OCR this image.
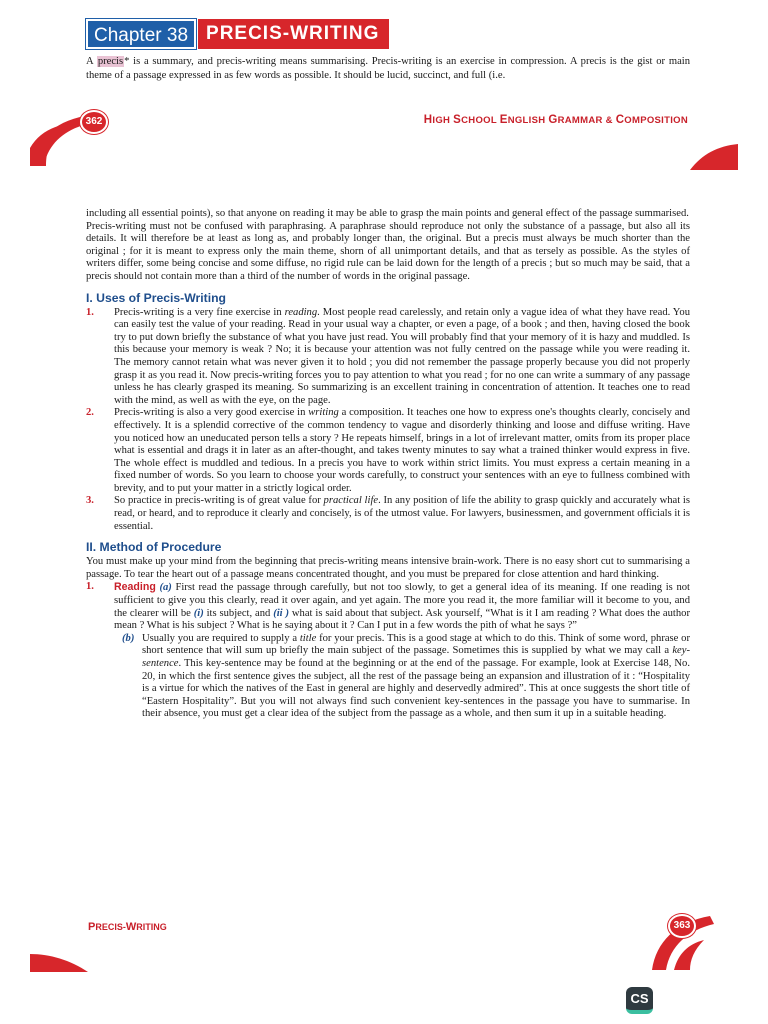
Chapter 38 PRECIS-WRITING
A precis* is a summary, and precis-writing means summarising. Precis-writing is an exercise in compression. A precis is the gist or main theme of a passage expressed in as few words as possible. It should be lucid, succinct, and full (i.e.
362	HIGH SCHOOL ENGLISH GRAMMAR & COMPOSITION

including all essential points), so that anyone on reading it may be able to grasp the main points and general effect of the passage summarised.

Precis-writing must not be confused with paraphrasing. A paraphrase should reproduce not only the substance of a passage, but also all its details. It will therefore be at least as long as, and probably longer than, the original. But a precis must always be much shorter than the original ; for it is meant to express only the main theme, shorn of all unimportant details, and that as tersely as possible. As the styles of writers differ, some being concise and some diffuse, no rigid rule can be laid down for the length of a precis ; but so much may be said, that a precis should not contain more than a third of the number of words in the original passage.

I. Uses of Precis-Writing
1.	Precis-writing is a very fine exercise in reading. Most people read carelessly, and retain only a vague idea of what they have read. You can easily test the value of your reading. Read in your usual way a chapter, or even a page, of a book ; and then, having closed the book try to put down briefly the substance of what you have just read. You will probably find that your memory of it is hazy and muddled. Is this because your memory is weak ? No; it is because your attention was not fully centred on the passage while you were reading it. The memory cannot retain what was never given it to hold ; you did not remember the passage properly because you did not properly grasp it as you read it. Now precis-writing forces you to pay attention to what you read ; for no one can write a summary of any passage unless he has clearly grasped its meaning. So summarizing is an excellent training in concentration of attention. It teaches one to read with the mind, as well as with the eye, on the page.
2.	Precis-writing is also a very good exercise in writing a composition. It teaches one how to express one's thoughts clearly, concisely and effectively. It is a splendid corrective of the common tendency to vague and disorderly thinking and loose and diffuse writing. Have you noticed how an uneducated person tells a story ? He repeats himself, brings in a lot of irrelevant matter, omits from its proper place what is essential and drags it in later as an after-thought, and takes twenty minutes to say what a trained thinker would express in five. The whole effect is muddled and tedious. In a precis you have to work within strict limits. You must express a certain meaning in a fixed number of words. So you learn to choose your words carefully, to construct your sentences with an eye to fullness combined with brevity, and to put your matter in a strictly logical order.
3.	So practice in precis-writing is of great value for practical life. In any position of life the ability to grasp quickly and accurately what is read, or heard, and to reproduce it clearly and concisely, is of the utmost value. For lawyers, businessmen, and government officials it is essential.
II. Method of Procedure

You must make up your mind from the beginning that precis-writing means intensive brain-work. There is no easy short cut to summarising a passage. To tear the heart out of a passage means concentrated thought, and you must be prepared for close attention and hard thinking.

1.	Reading (a) First read the passage through carefully, but not too slowly, to get a general idea of its meaning. If one reading is not sufficient to give you this clearly, read it over again, and yet again. The more you read it, the more familiar will it become to you, and the clearer will be (i) its subject, and (ii ) what is said about that subject. Ask yourself, “What is it I am reading ? What does the author mean ? What is his subject ? What is he saying about it ? Can I put in a few words the pith of what he says ?”
(b) Usually you are required to supply a title for your precis. This is a good stage at which to do this. Think of some word, phrase or short sentence that will sum up briefly the main subject of the passage. Sometimes this is supplied by what we may call a key-sentence. This key-sentence may be found at the beginning or at the end of the passage. For example, look at Exercise 148, No. 20, in which the first sentence gives the subject, all the rest of the passage being an expansion and illustration of it : “Hospitality is a virtue for which the natives of the East in general are highly and deservedly admired”. This at once suggests the short title of “Eastern Hospitality”. But you will not always find such convenient key-sentences in the passage you have to summarise. In their absence, you must get a clear idea of the subject from the passage as a whole, and then sum it up in a suitable heading.
PRECIS-WRITING	363
CS
